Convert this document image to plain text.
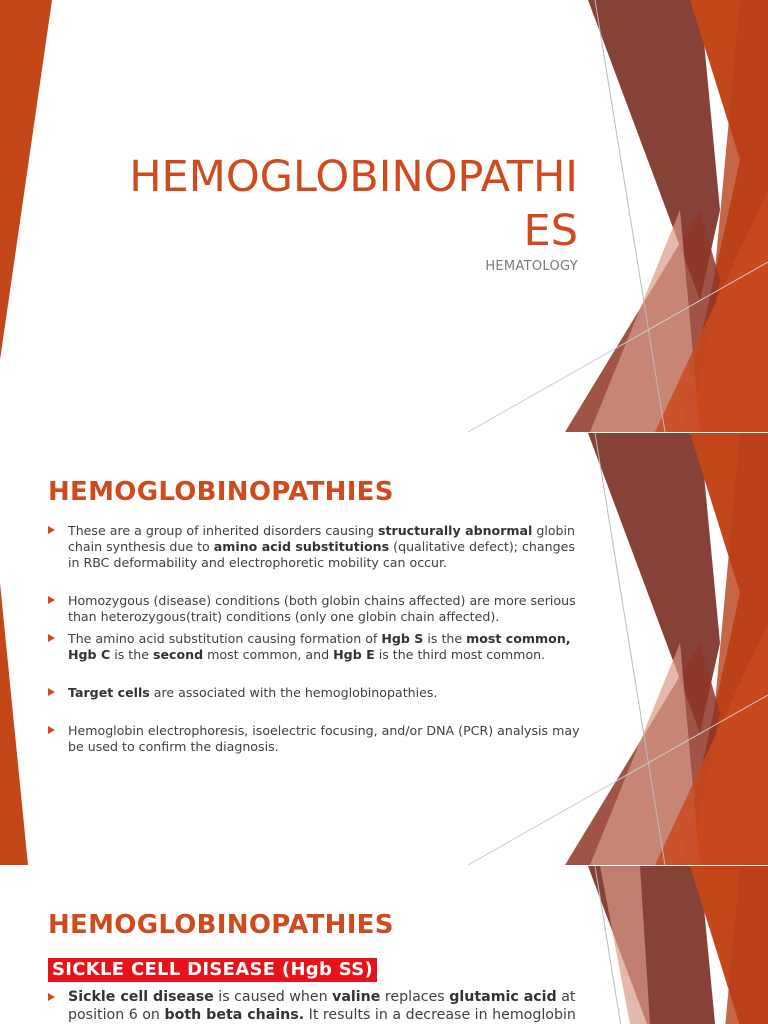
HEMOGLOBINOPATHI
ES
HEMATOLOGY
HEMOGLOBINOPATHIES
These are a group of inherited disorders causing structurally abnormal globin chain synthesis due to amino acid substitutions (qualitative defect); changes in RBC deformability and electrophoretic mobility can occur.
Homozygous (disease) conditions (both globin chains affected) are more serious than heterozygous(trait) conditions (only one globin chain affected).
The amino acid substitution causing formation of Hgb S is the most common, Hgb C is the second most common, and Hgb E is the third most common.
Target cells are associated with the hemoglobinopathies.
Hemoglobin electrophoresis, isoelectric focusing, and/or DNA (PCR) analysis may be used to confirm the diagnosis.
HEMOGLOBINOPATHIES
SICKLE CELL DISEASE (Hgb SS)
Sickle cell disease is caused when valine replaces glutamic acid at position 6 on both beta chains. It results in a decrease in hemoglobin
